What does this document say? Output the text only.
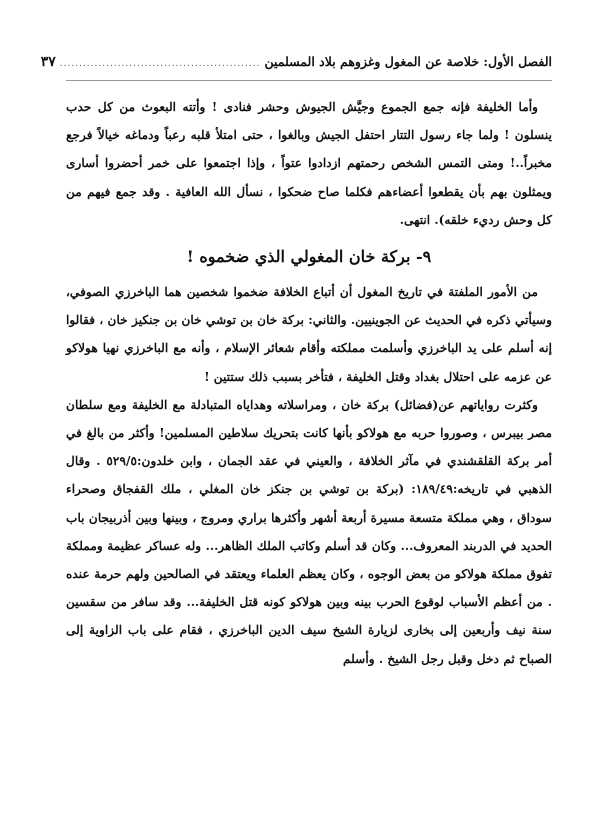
الفصل الأول: خلاصة عن المغول وغزوهم بلاد المسلمين
....................................................
٣٧

وأما الخليفة فإنه جمع الجموع وجيَّش الجيوش وحشر فنادى ! وأتته البعوث من كل حدب ينسلون ! ولما جاء رسول التتار احتفل الجيش وبالغوا ، حتى امتلأ قلبه رعباً ودماغه خيالاً فرجع مخبراً..! ومتى التمس الشخص رحمتهم ازدادوا عتواً ، وإذا اجتمعوا على خمر أحضروا أسارى ويمثلون بهم بأن يقطعوا أعضاءهم فكلما صاح ضحكوا ، نسأل الله العافية . وقد جمع فيهم من كل وحش رديء خلقه). انتهى.

٩- بركة خان المغولي الذي ضخموه !

من الأمور الملفتة في تاريخ المغول أن أتباع الخلافة ضخموا شخصين هما الباخرزي الصوفي، وسيأتي ذكره في الحديث عن الجوينيين. والثاني: بركة خان بن توشي خان بن جنكيز خان ، فقالوا إنه أسلم على يد الباخرزي وأسلمت مملكته وأقام شعائر الإسلام ، وأنه مع الباخرزي نهيا هولاكو عن عزمه على احتلال بغداد وقتل الخليفة ، فتأخر بسبب ذلك ستتين !

وكثرت رواياتهم عن(فضائل) بركة خان ، ومراسلاته وهداياه المتبادلة مع الخليفة ومع سلطان مصر بيبرس ، وصوروا حربه مع هولاكو بأنها كانت بتحريك سلاطين المسلمين! وأكثر من بالغ في أمر بركة القلقشندي في مآثر الخلافة ، والعيني في عقد الجمان ، وابن خلدون:٥٢٩/٥ . وقال الذهبي في تاريخه:١٨٩/٤٩: (بركة بن توشي بن جنكز خان المغلي ، ملك القفجاق وصحراء سوداق ، وهي مملكة متسعة مسيرة أربعة أشهر وأكثرها براري ومروج ، وبينها وبين أذربيجان باب الحديد في الدربند المعروف... وكان قد أسلم وكاتب الملك الظاهر... وله عساكر عظيمة ومملكة تفوق مملكة هولاكو من بعض الوجوه ، وكان يعظم العلماء ويعتقد في الصالحين ولهم حرمة عنده . من أعظم الأسباب لوقوع الحرب بينه وبين هولاكو كونه قتل الخليفة... وقد سافر من سقسين سنة نيف وأربعين إلى بخارى لزيارة الشيخ سيف الدين الباخرزي ، فقام على باب الزاوية إلى الصباح ثم دخل وقبل رجل الشيخ . وأسلم
